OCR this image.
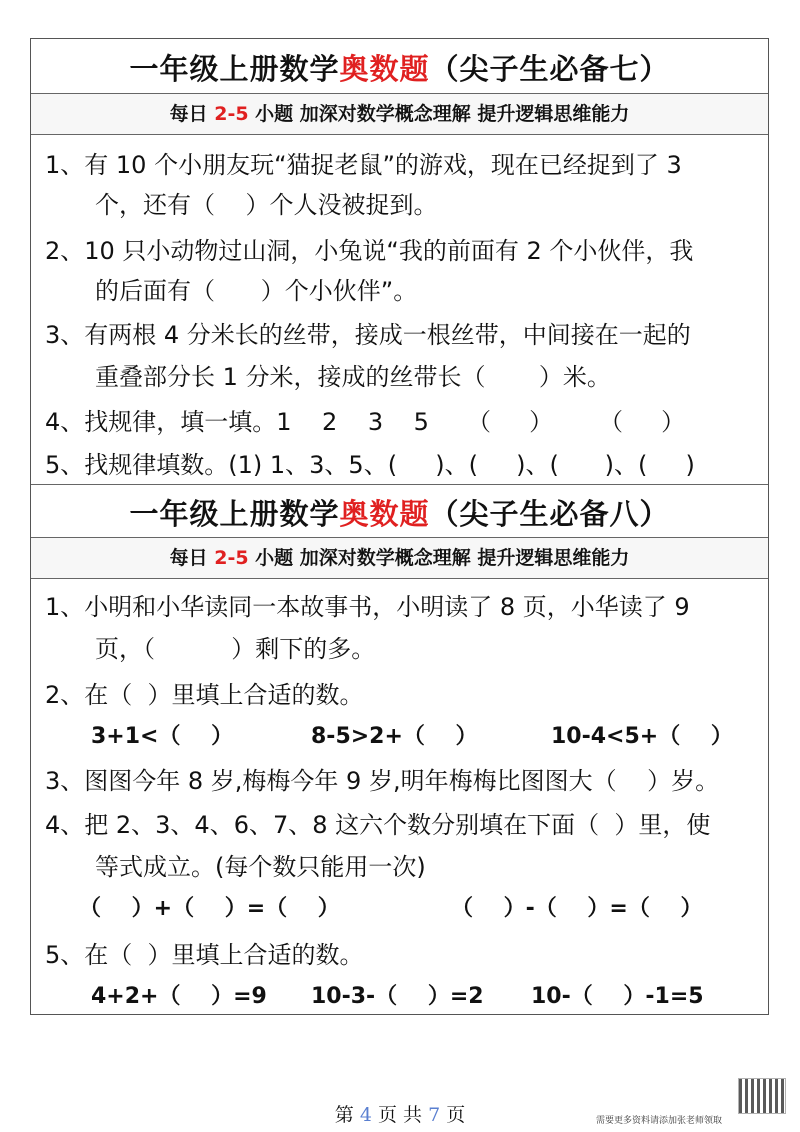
一年级上册数学奥数题（尖子生必备七）
每日 2-5 小题 加深对数学概念理解 提升逻辑思维能力
1、有 10 个小朋友玩“猫捉老鼠”的游戏，现在已经捉到了 3
个，还有（    ）个人没被捉到。
2、10 只小动物过山洞，小兔说“我的前面有 2 个小伙伴，我
的后面有（      ）个小伙伴”。
3、有两根 4 分米长的丝带，接成一根丝带，中间接在一起的
重叠部分长 1 分米，接成的丝带长（       ）米。
4、找规律，填一填。1    2    3    5     （     ）      （     ）
5、找规律填数。(1) 1、3、5、(     )、(     )、(      )、(     )
一年级上册数学奥数题（尖子生必备八）
每日 2-5 小题 加深对数学概念理解 提升逻辑思维能力
1、小明和小华读同一本故事书，小明读了 8 页，小华读了 9
页，（          ）剩下的多。
2、在（  ）里填上合适的数。
3+1<（    ）	8-5>2+（    ）	10-4<5+（    ）
3、图图今年 8 岁,梅梅今年 9 岁,明年梅梅比图图大（    ）岁。
4、把 2、3、4、6、7、8 这六个数分别填在下面（  ）里，使
等式成立。(每个数只能用一次)
（    ）+（    ）=（    ）	（    ）-（    ）=（    ）
5、在（  ）里填上合适的数。
4+2+（    ）=9 10-3-（    ）=2 10-（    ）-1=5
第 4 页 共 7 页	需要更多资料请添加张老师领取
